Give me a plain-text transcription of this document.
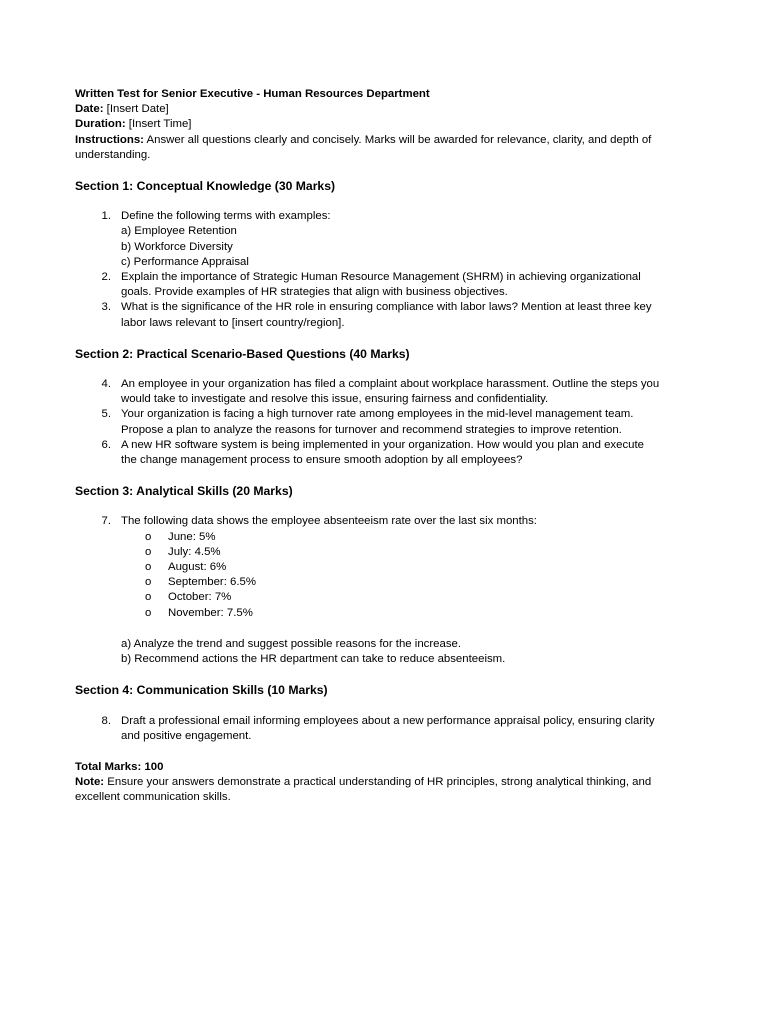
Written Test for Senior Executive - Human Resources Department
Date: [Insert Date]
Duration: [Insert Time]
Instructions: Answer all questions clearly and concisely. Marks will be awarded for relevance, clarity, and depth of
understanding.
Section 1: Conceptual Knowledge (30 Marks)
1. Define the following terms with examples:
a) Employee Retention
b) Workforce Diversity
c) Performance Appraisal
2. Explain the importance of Strategic Human Resource Management (SHRM) in achieving organizational
goals. Provide examples of HR strategies that align with business objectives.
3. What is the significance of the HR role in ensuring compliance with labor laws? Mention at least three key
labor laws relevant to [insert country/region].
Section 2: Practical Scenario-Based Questions (40 Marks)
4. An employee in your organization has filed a complaint about workplace harassment. Outline the steps you
would take to investigate and resolve this issue, ensuring fairness and confidentiality.
5. Your organization is facing a high turnover rate among employees in the mid-level management team.
Propose a plan to analyze the reasons for turnover and recommend strategies to improve retention.
6. A new HR software system is being implemented in your organization. How would you plan and execute
the change management process to ensure smooth adoption by all employees?
Section 3: Analytical Skills (20 Marks)
7. The following data shows the employee absenteeism rate over the last six months:
o June: 5%
o July: 4.5%
o August: 6%
o September: 6.5%
o October: 7%
o November: 7.5%
a) Analyze the trend and suggest possible reasons for the increase.
b) Recommend actions the HR department can take to reduce absenteeism.
Section 4: Communication Skills (10 Marks)
8. Draft a professional email informing employees about a new performance appraisal policy, ensuring clarity
and positive engagement.
Total Marks: 100
Note: Ensure your answers demonstrate a practical understanding of HR principles, strong analytical thinking, and
excellent communication skills.
